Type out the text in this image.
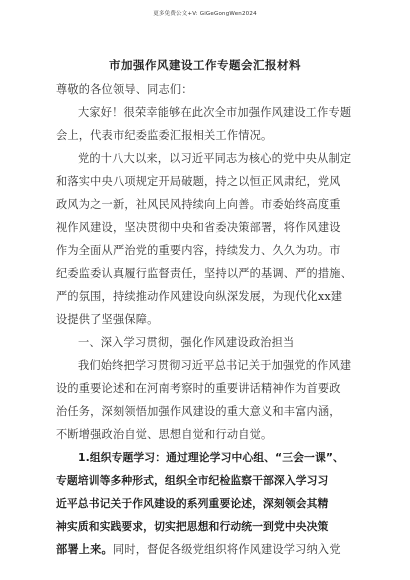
更多免费公文+V: GiGeGongWen2024
市加强作风建设工作专题会汇报材料
尊敬的各位领导、同志们：
大家好！很荣幸能够在此次全市加强作风建设工作专题
会上，代表市纪委监委汇报相关工作情况。
党的十八大以来，以习近平同志为核心的党中央从制定
和落实中央八项规定开局破题，持之以恒正风肃纪，党风
政风为之一新，社风民风持续向上向善。市委始终高度重
视作风建设，坚决贯彻中央和省委决策部署，将作风建设
作为全面从严治党的重要内容，持续发力、久久为功。市
纪委监委认真履行监督责任，坚持以严的基调、严的措施、
严的氛围，持续推动作风建设向纵深发展，为现代化xx建
设提供了坚强保障。
一、深入学习贯彻，强化作风建设政治担当
我们始终把学习贯彻习近平总书记关于加强党的作风建
设的重要论述和在河南考察时的重要讲话精神作为首要政
治任务，深刻领悟加强作风建设的重大意义和丰富内涵，
不断增强政治自觉、思想自觉和行动自觉。
1.组织专题学习：通过理论学习中心组、“三会一课”、
专题培训等多种形式，组织全市纪检监察干部深入学习习
近平总书记关于作风建设的系列重要论述，深刻领会其精
神实质和实践要求，切实把思想和行动统一到党中央决策
部署上来。同时，督促各级党组织将作风建设学习纳入党
